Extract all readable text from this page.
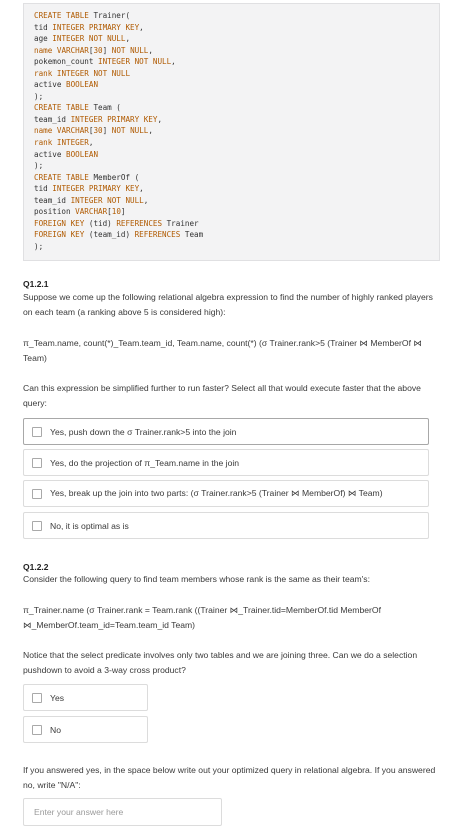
CREATE TABLE Trainer(
tid INTEGER PRIMARY KEY,
age INTEGER NOT NULL,
name VARCHAR[30] NOT NULL,
pokemon_count INTEGER NOT NULL,
rank INTEGER NOT NULL
active BOOLEAN
);
CREATE TABLE Team (
team_id INTEGER PRIMARY KEY,
name VARCHAR[30] NOT NULL,
rank INTEGER,
active BOOLEAN
);
CREATE TABLE MemberOf (
tid INTEGER PRIMARY KEY,
team_id INTEGER NOT NULL,
position VARCHAR[10]
FOREIGN KEY (tid) REFERENCES Trainer
FOREIGN KEY (team_id) REFERENCES Team
);
Q1.2.1
Suppose we come up the following relational algebra expression to find the number of highly ranked players on each team (a ranking above 5 is considered high):
π_Team.name, count(*)_Team.team_id, Team.name, count(*) (σ Trainer.rank>5 (Trainer ⋈ MemberOf ⋈ Team)
Can this expression be simplified further to run faster? Select all that would execute faster that the above query:
Yes, push down the σ Trainer.rank>5 into the join
Yes, do the projection of π_Team.name in the join
Yes, break up the join into two parts: (σ Trainer.rank>5 (Trainer ⋈ MemberOf) ⋈ Team)
No, it is optimal as is
Q1.2.2
Consider the following query to find team members whose rank is the same as their team's:
π_Trainer.name (σ Trainer.rank = Team.rank ((Trainer ⋈_Trainer.tid=MemberOf.tid MemberOf ⋈_MemberOf.team_id=Team.team_id Team)
Notice that the select predicate involves only two tables and we are joining three. Can we do a selection pushdown to avoid a 3-way cross product?
Yes
No
If you answered yes, in the space below write out your optimized query in relational algebra. If you answered no, write "N/A":
Enter your answer here
